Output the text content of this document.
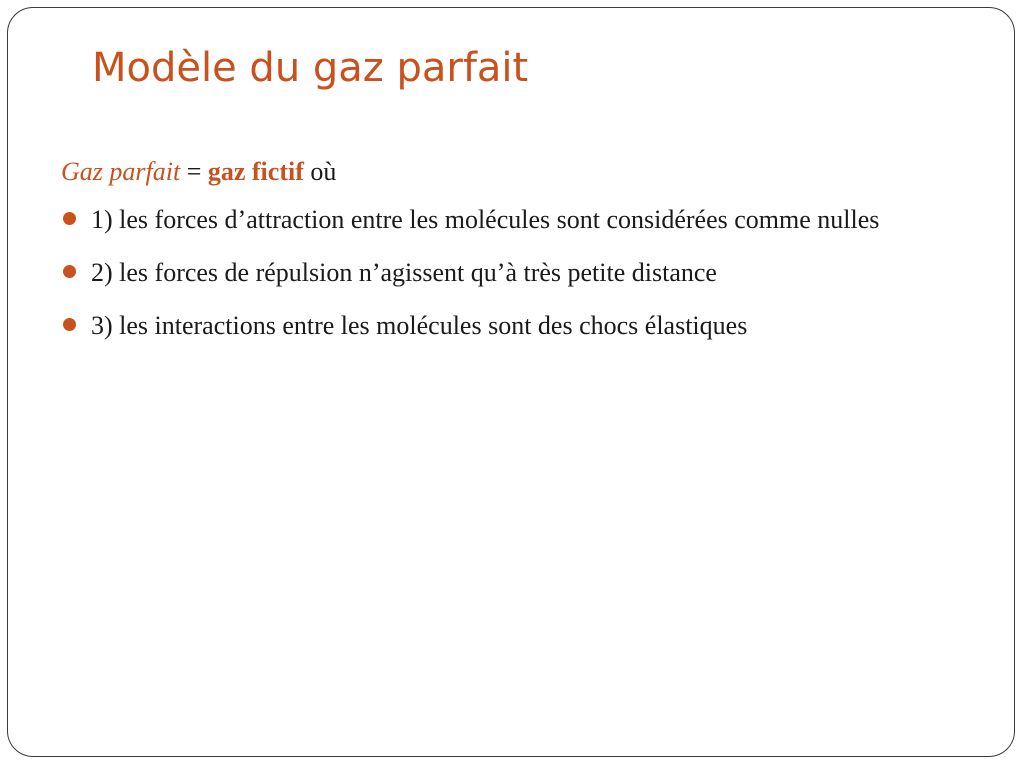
Modèle du gaz parfait

Gaz parfait = gaz fictif où

1) les forces d’attraction entre les molécules sont considérées comme nulles
2) les forces de répulsion n’agissent qu’à très petite distance
3) les interactions entre les molécules sont des chocs élastiques
